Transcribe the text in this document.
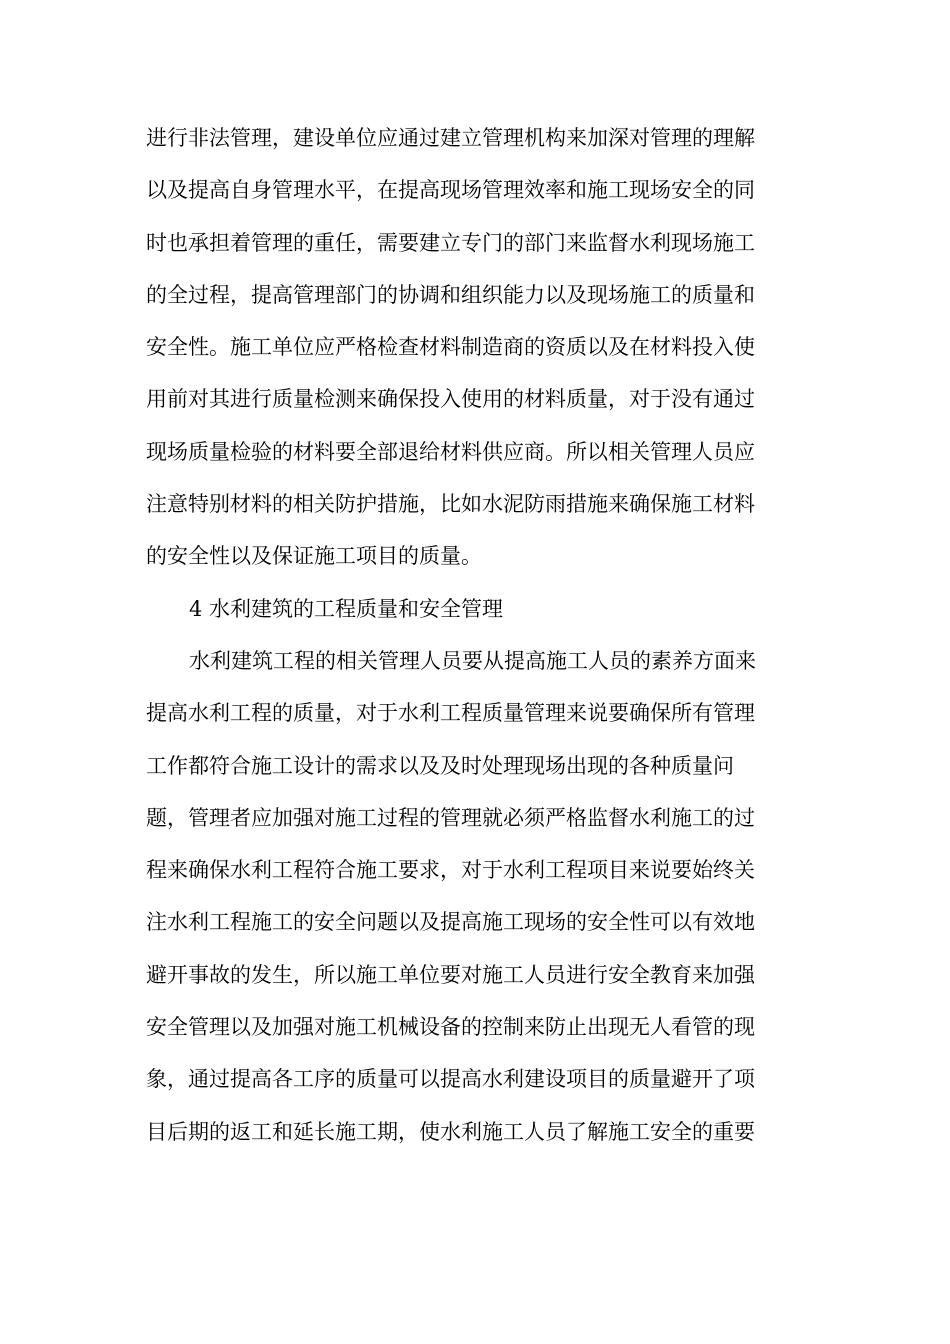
进行非法管理，建设单位应通过建立管理机构来加深对管理的理解
以及提高自身管理水平，在提高现场管理效率和施工现场安全的同
时也承担着管理的重任，需要建立专门的部门来监督水利现场施工
的全过程，提高管理部门的协调和组织能力以及现场施工的质量和
安全性。施工单位应严格检查材料制造商的资质以及在材料投入使
用前对其进行质量检测来确保投入使用的材料质量，对于没有通过
现场质量检验的材料要全部退给材料供应商。所以相关管理人员应
注意特别材料的相关防护措施，比如水泥防雨措施来确保施工材料
的安全性以及保证施工项目的质量。
4 水利建筑的工程质量和安全管理
水利建筑工程的相关管理人员要从提高施工人员的素养方面来
提高水利工程的质量，对于水利工程质量管理来说要确保所有管理
工作都符合施工设计的需求以及及时处理现场出现的各种质量问
题，管理者应加强对施工过程的管理就必须严格监督水利施工的过
程来确保水利工程符合施工要求，对于水利工程项目来说要始终关
注水利工程施工的安全问题以及提高施工现场的安全性可以有效地
避开事故的发生，所以施工单位要对施工人员进行安全教育来加强
安全管理以及加强对施工机械设备的控制来防止出现无人看管的现
象，通过提高各工序的质量可以提高水利建设项目的质量避开了项
目后期的返工和延长施工期，使水利施工人员了解施工安全的重要
